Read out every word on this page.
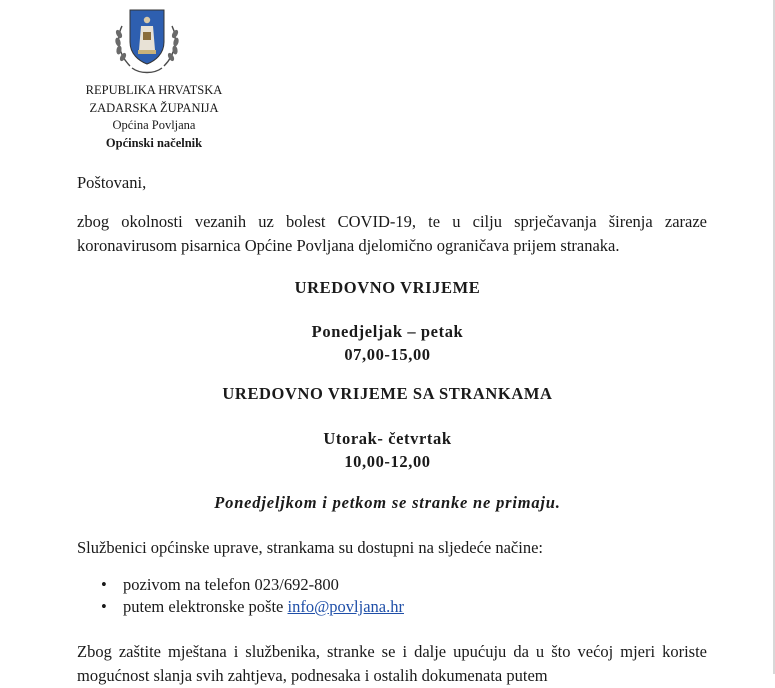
REPUBLIKA HRVATSKA
ZADARSKA ŽUPANIJA
Općina Povljana
Općinski načelnik
Poštovani,
zbog okolnosti vezanih uz bolest COVID-19, te u cilju sprječavanja širenja zaraze koronavirusom pisarnica Općine Povljana djelomično ograničava prijem stranaka.
UREDOVNO VRIJEME
Ponedjeljak – petak
07,00-15,00
UREDOVNO VRIJEME SA STRANKAMA
Utorak- četvrtak
10,00-12,00
Ponedjeljkom i petkom se stranke ne primaju.
Službenici općinske uprave, strankama su dostupni na sljedeće načine:
• pozivom na telefon 023/692-800
• putem elektronske pošte info@povljana.hr
Zbog zaštite mještana i službenika, stranke se i dalje upućuju da u što većoj mjeri koriste mogućnost slanja svih zahtjeva, podnesaka i ostalih dokumenata putem
